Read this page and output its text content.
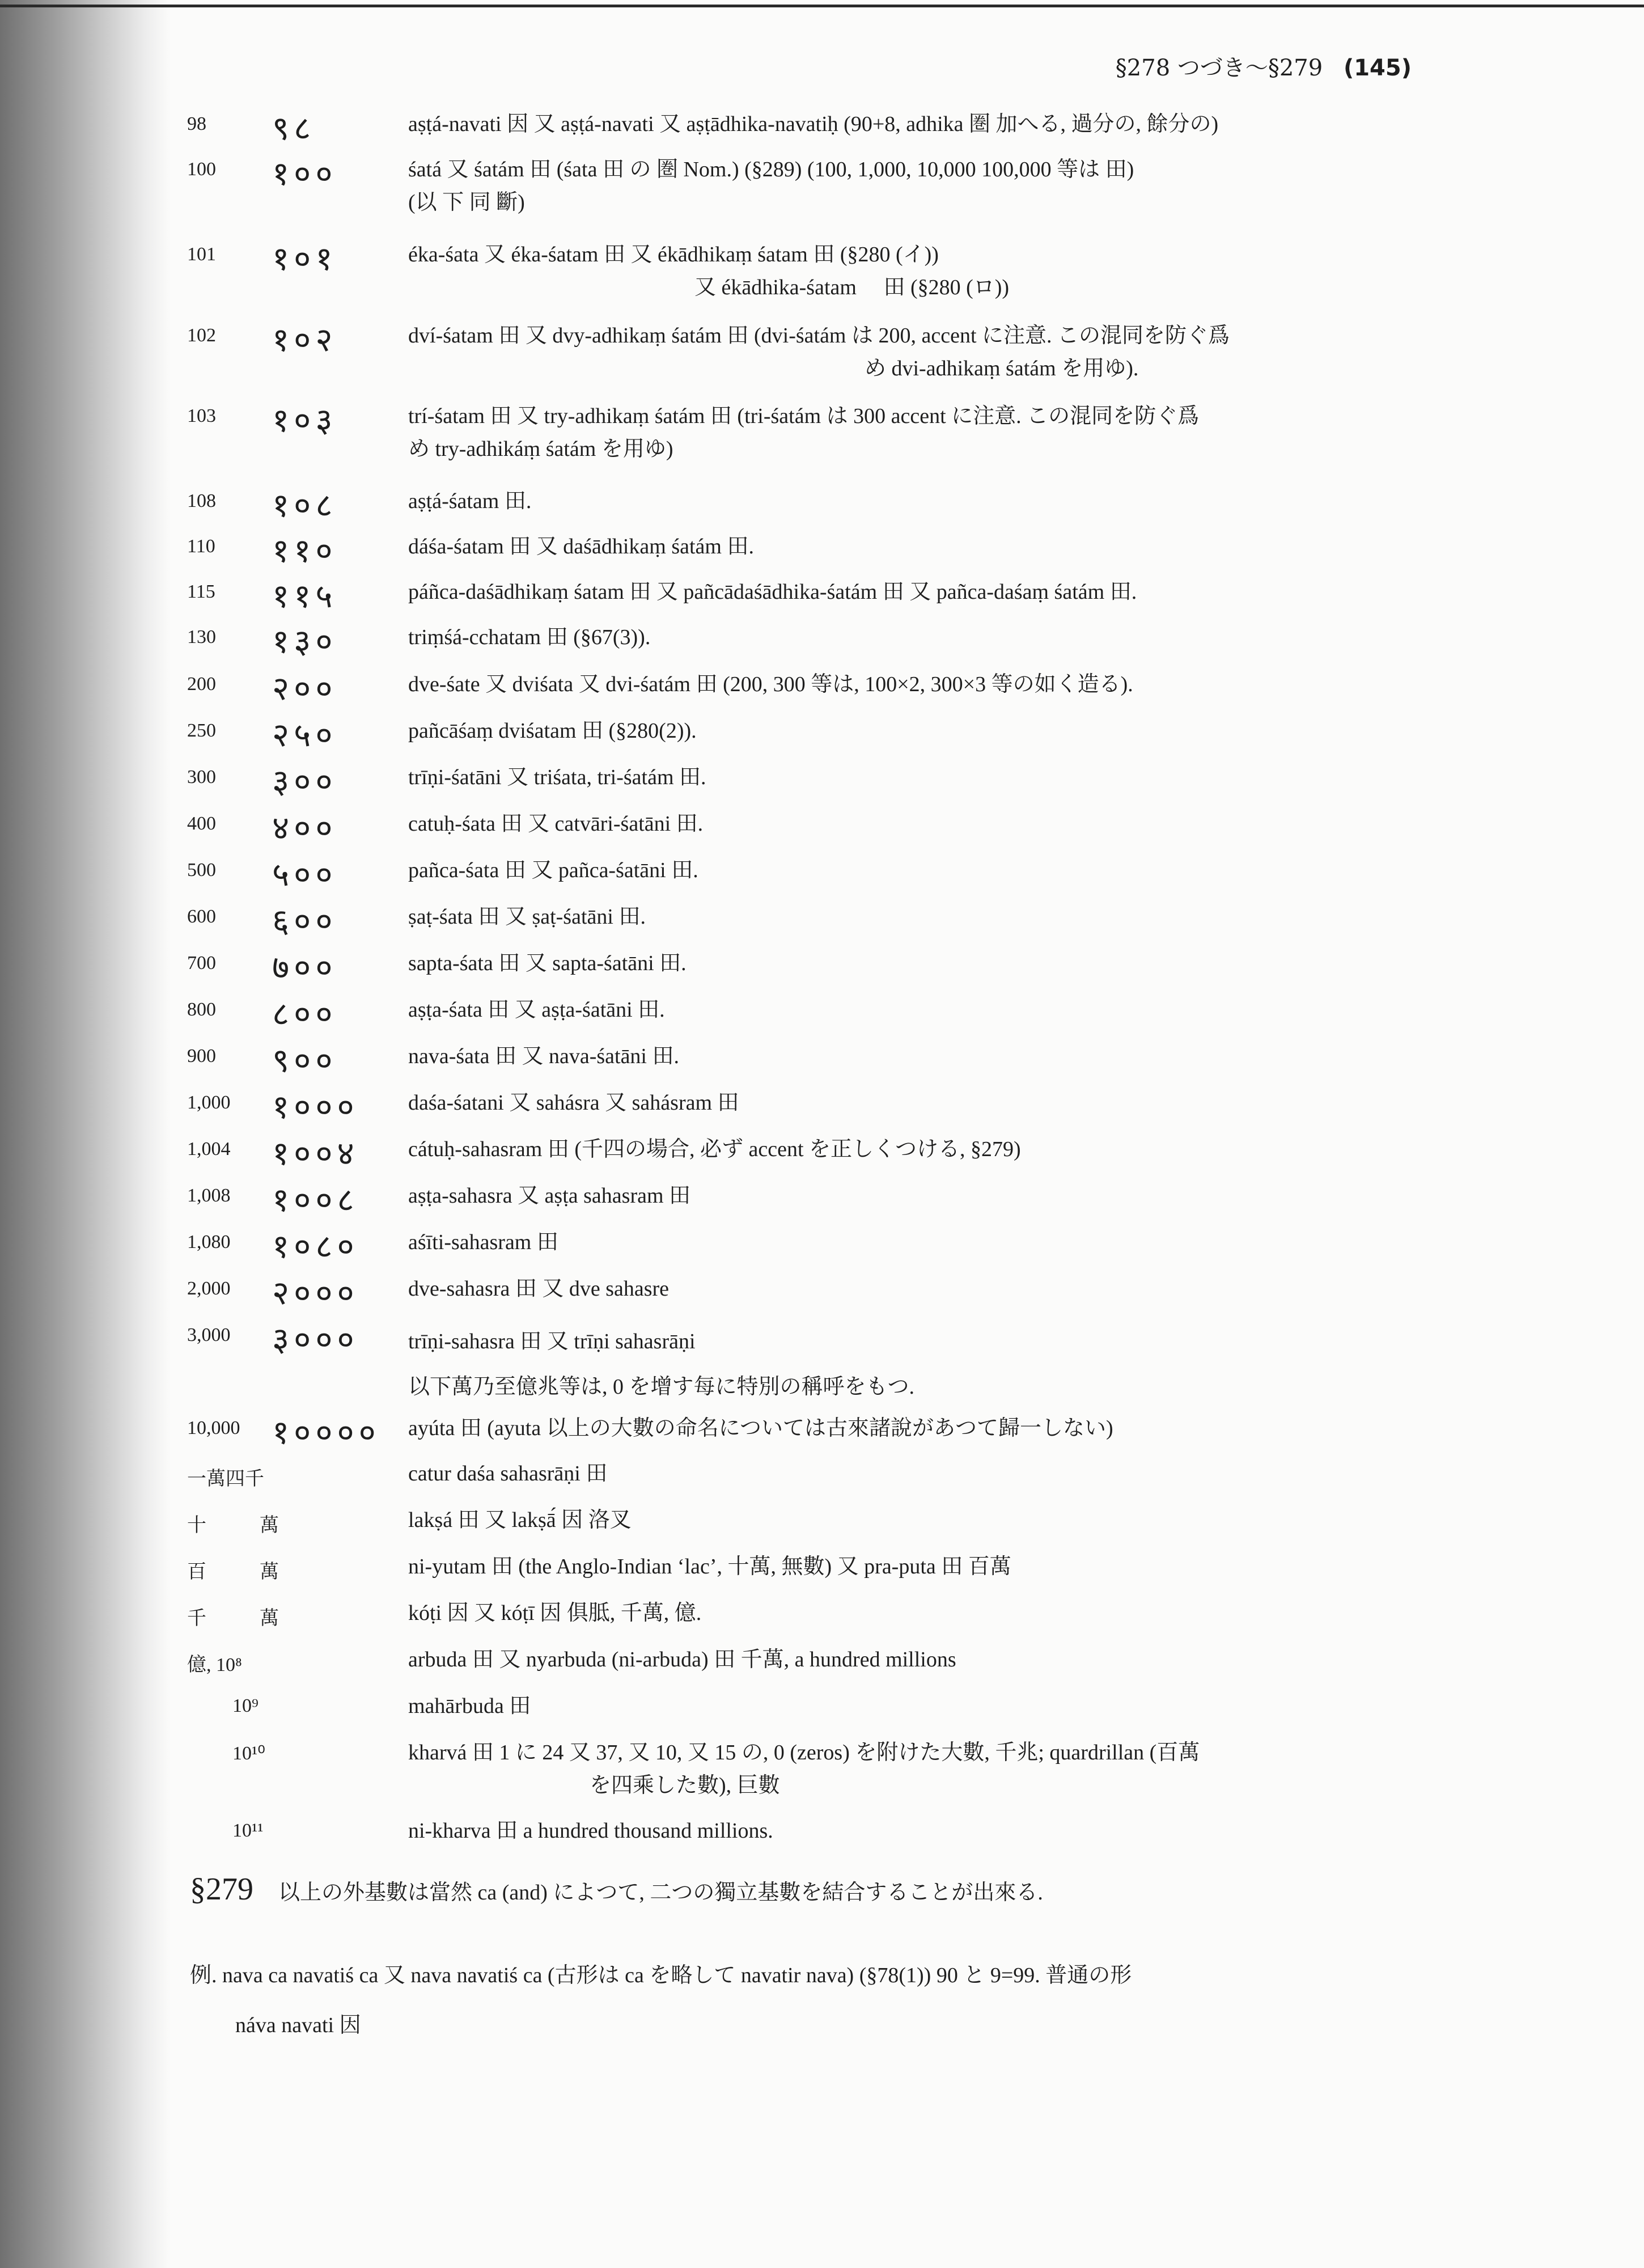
§278 つづき～§279 (145)
98	९८	aṣṭá-navati 因 又 aṣṭá-navati 又 aṣṭādhika-navatiḥ (90+8, adhika 圏 加へる, 過分の, 餘分の)
100	१००	śatá 又 śatám 田 (śata 田 の 圏 Nom.) (§289) (100, 1,000, 10,000 100,000 等は 田)
(以 下 同 斷)
101	१०१	éka-śata 又 éka-śatam 田 又 ékādhikaṃ śatam 田 (§280 (イ))
又 ékādhika-śatam 　田 (§280 (ロ))
102	१०२	dví-śatam 田 又 dvy-adhikaṃ śatám 田 (dvi-śatám は 200, accent に注意. この混同を防ぐ爲
め dvi-adhikaṃ śatám を用ゆ).
103	१०३	trí-śatam 田 又 try-adhikaṃ śatám 田 (tri-śatám は 300 accent に注意. この混同を防ぐ爲
め try-adhikáṃ śatám を用ゆ)
108	१०८	aṣṭá-śatam 田.
110	११०	dáśa-śatam 田 又 daśādhikaṃ śatám 田.
115	११५	páñca-daśādhikaṃ śatam 田 又 pañcādaśādhika-śatám 田 又 pañca-daśaṃ śatám 田.
130	१३०	triṃśá-cchatam 田 (§67(3)).
200	२००	dve-śate 又 dviśata 又 dvi-śatám 田 (200, 300 等は, 100×2, 300×3 等の如く造る).
250	२५०	pañcāśaṃ dviśatam 田 (§280(2)).
300	३००	trīṇi-śatāni 又 triśata, tri-śatám 田.
400	४००	catuḥ-śata 田 又 catvāri-śatāni 田.
500	५००	pañca-śata 田 又 pañca-śatāni 田.
600	६००	ṣaṭ-śata 田 又 ṣaṭ-śatāni 田.
700	७००	sapta-śata 田 又 sapta-śatāni 田.
800	८००	aṣṭa-śata 田 又 aṣṭa-śatāni 田.
900	९००	nava-śata 田 又 nava-śatāni 田.
1,000	१०००	daśa-śatani 又 sahásra 又 sahásram 田
1,004	१००४	cátuḥ-sahasram 田 (千四の場合, 必ず accent を正しくつける, §279)
1,008	१००८	aṣṭa-sahasra 又 aṣṭa sahasram 田
1,080	१०८०	aśīti-sahasram 田
2,000	२०००	dve-sahasra 田 又 dve sahasre
3,000	३०००	trīṇi-sahasra 田 又 trīṇi sahasrāṇi
以下萬乃至億兆等は, 0 を增す每に特別の稱呼をもつ.
10,000 १००००	ayúta 田 (ayuta 以上の大數の命名については古來諸說があつて歸一しない)
一萬四千	catur daśa sahasrāṇi 田
十　萬	lakṣá 田 又 lakṣā́ 因 洛叉
百　萬	ni-yutam 田 (the Anglo-Indian ‘lac’, 十萬, 無數) 又 pra-puta 田 百萬
千　萬	kóṭi 因 又 kóṭī 因 俱胝, 千萬, 億.
億, 10⁸	arbuda 田 又 nyarbuda (ni-arbuda) 田 千萬, a hundred millions
10⁹	mahārbuda 田
10¹⁰	kharvá 田 1 に 24 又 37, 又 10, 又 15 の, 0 (zeros) を附けた大數, 千兆; quardrillan (百萬
を四乘した數), 巨數
10¹¹	ni-kharva 田 a hundred thousand millions.
§279 以上の外基數は當然 ca (and) によつて, 二つの獨立基數を結合することが出來る.
例. nava ca navatiś ca 又 nava navatiś ca (古形は ca を略して navatir nava) (§78(1)) 90 と 9=99. 普通の形
náva navati 因
